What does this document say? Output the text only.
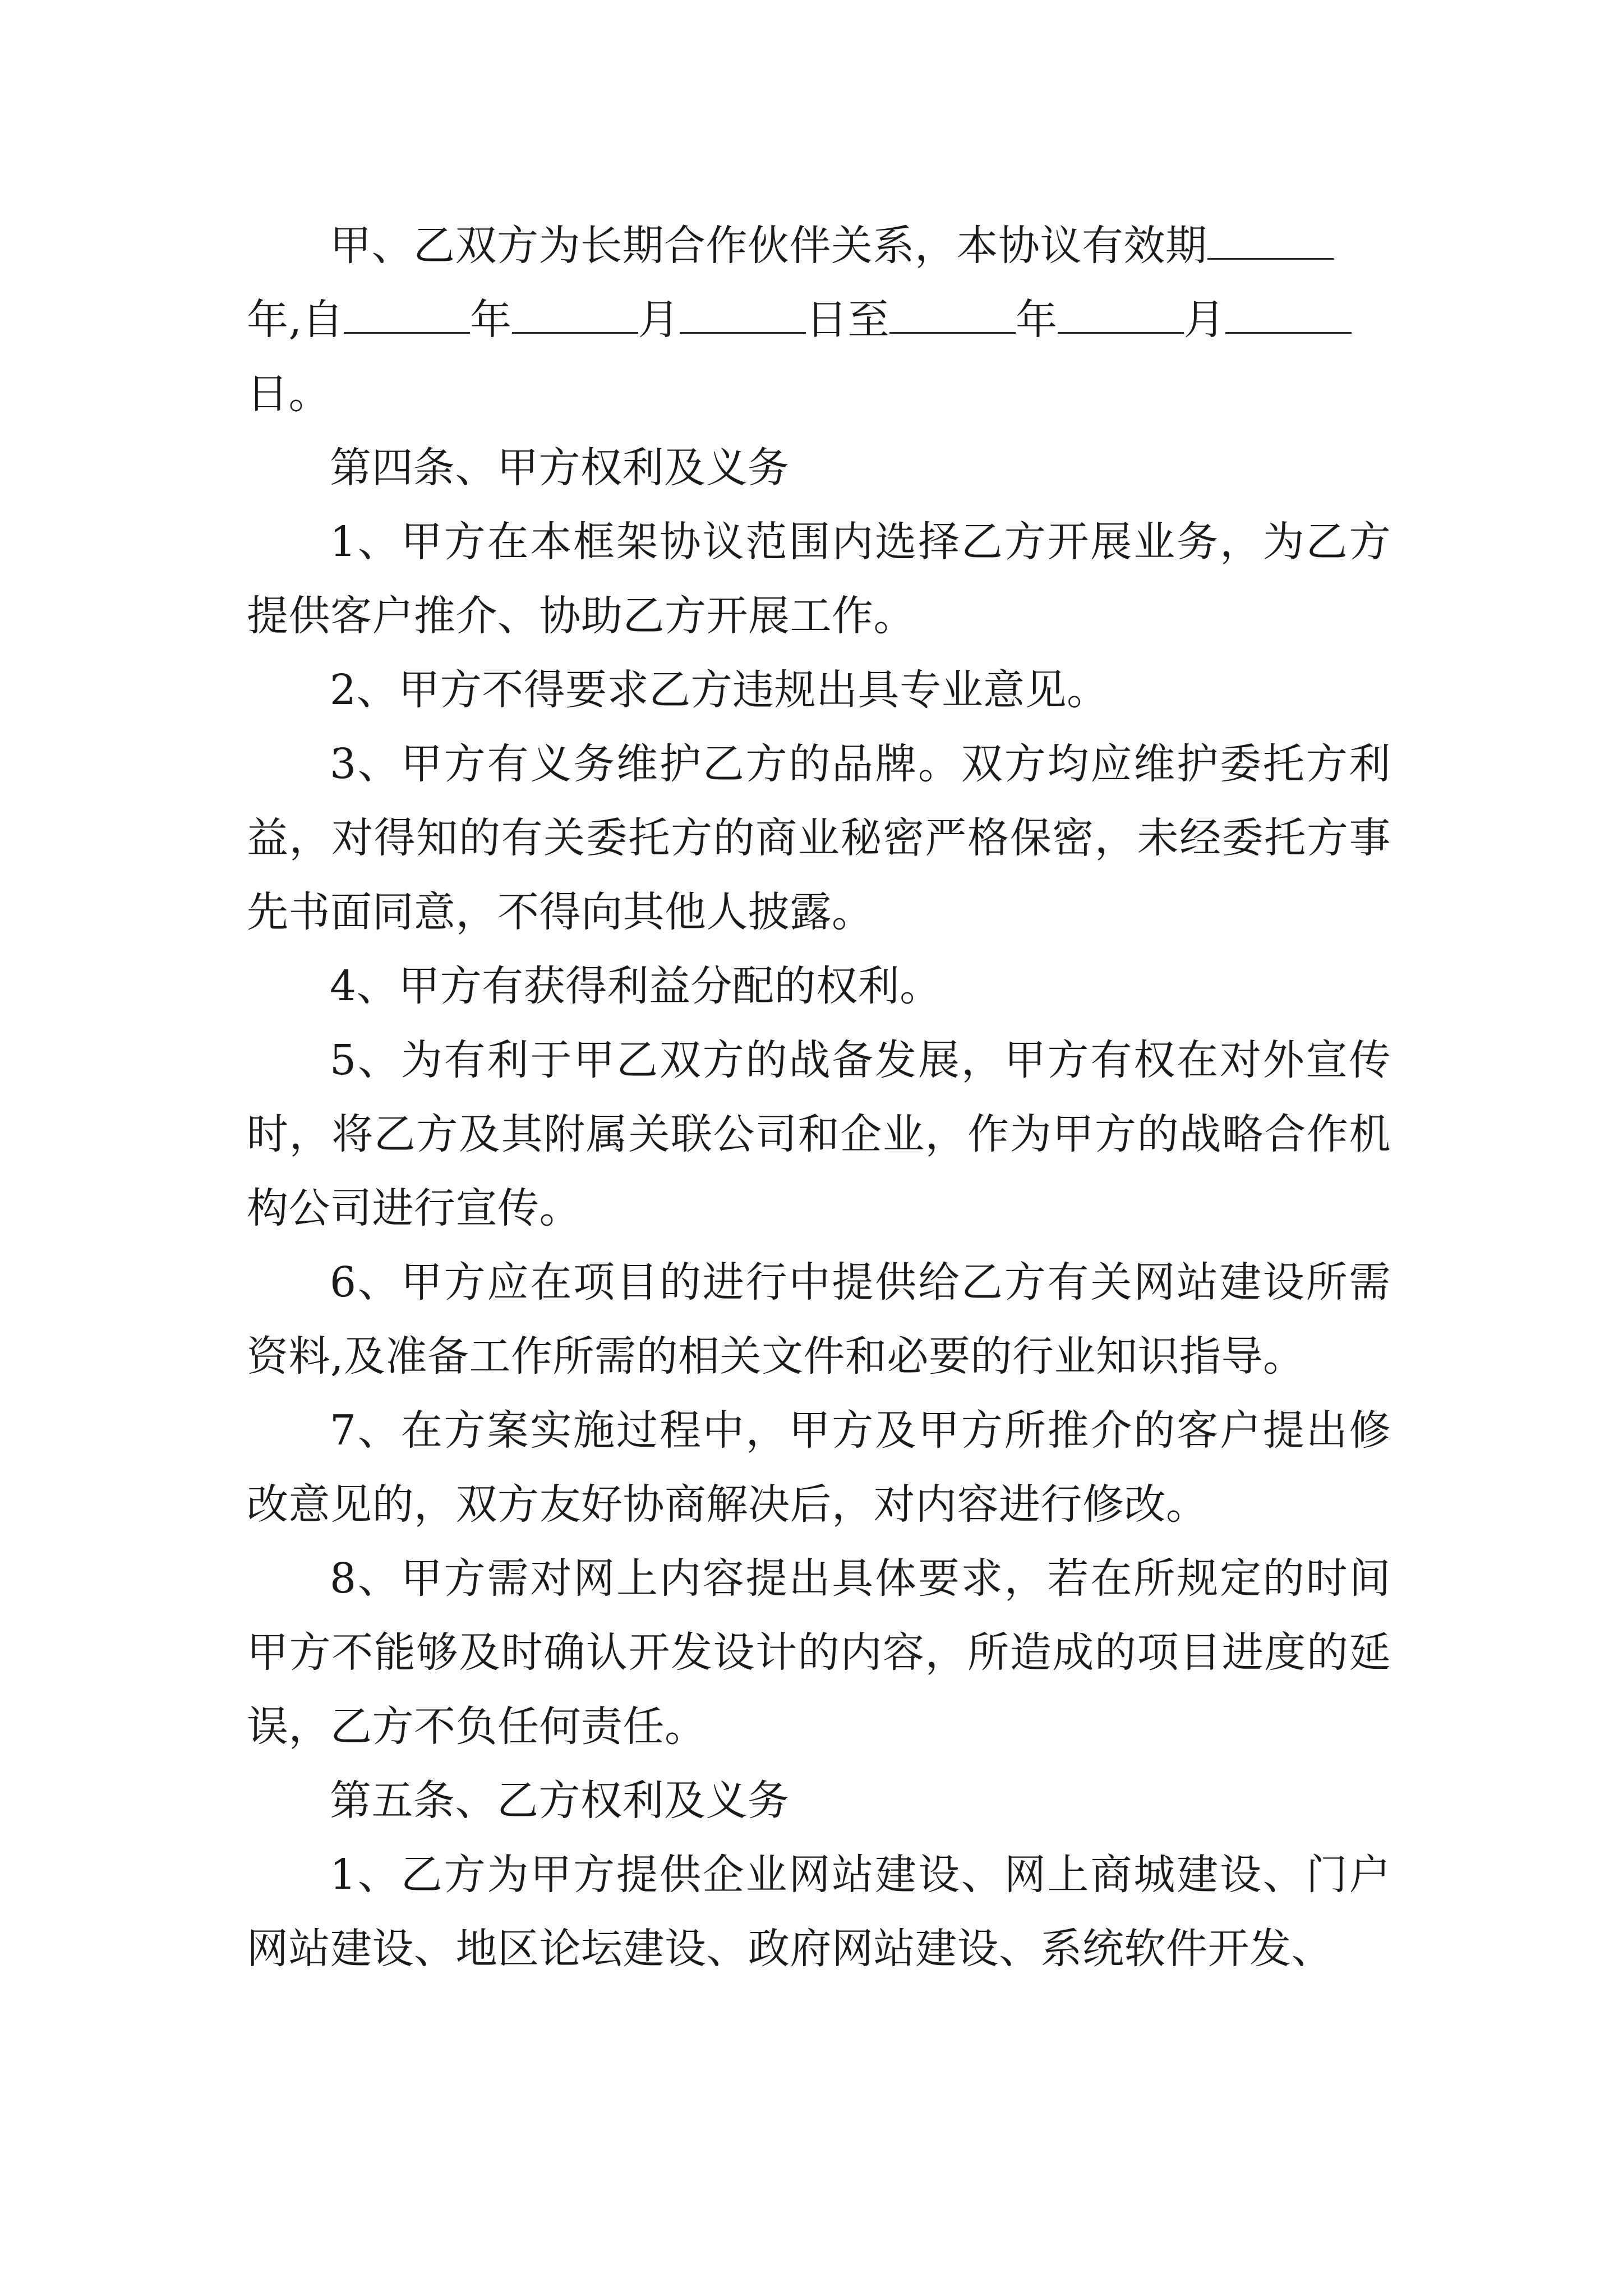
甲、乙双方为长期合作伙伴关系，本协议有效期
年,自	年	月	日至	年	月
日。

第四条、甲方权利及义务

1、甲方在本框架协议范围内选择乙方开展业务，为乙方提供客户推介、协助乙方开展工作。

2、甲方不得要求乙方违规出具专业意见。

3、甲方有义务维护乙方的品牌。双方均应维护委托方利益，对得知的有关委托方的商业秘密严格保密，未经委托方事先书面同意，不得向其他人披露。

4、甲方有获得利益分配的权利。

5、为有利于甲乙双方的战备发展，甲方有权在对外宣传时，将乙方及其附属关联公司和企业，作为甲方的战略合作机构公司进行宣传。

6、甲方应在项目的进行中提供给乙方有关网站建设所需资料,及准备工作所需的相关文件和必要的行业知识指导。

7、在方案实施过程中，甲方及甲方所推介的客户提出修改意见的，双方友好协商解决后，对内容进行修改。

8、甲方需对网上内容提出具体要求，若在所规定的时间甲方不能够及时确认开发设计的内容，所造成的项目进度的延误，乙方不负任何责任。

第五条、乙方权利及义务

1、乙方为甲方提供企业网站建设、网上商城建设、门户网站建设、地区论坛建设、政府网站建设、系统软件开发、
